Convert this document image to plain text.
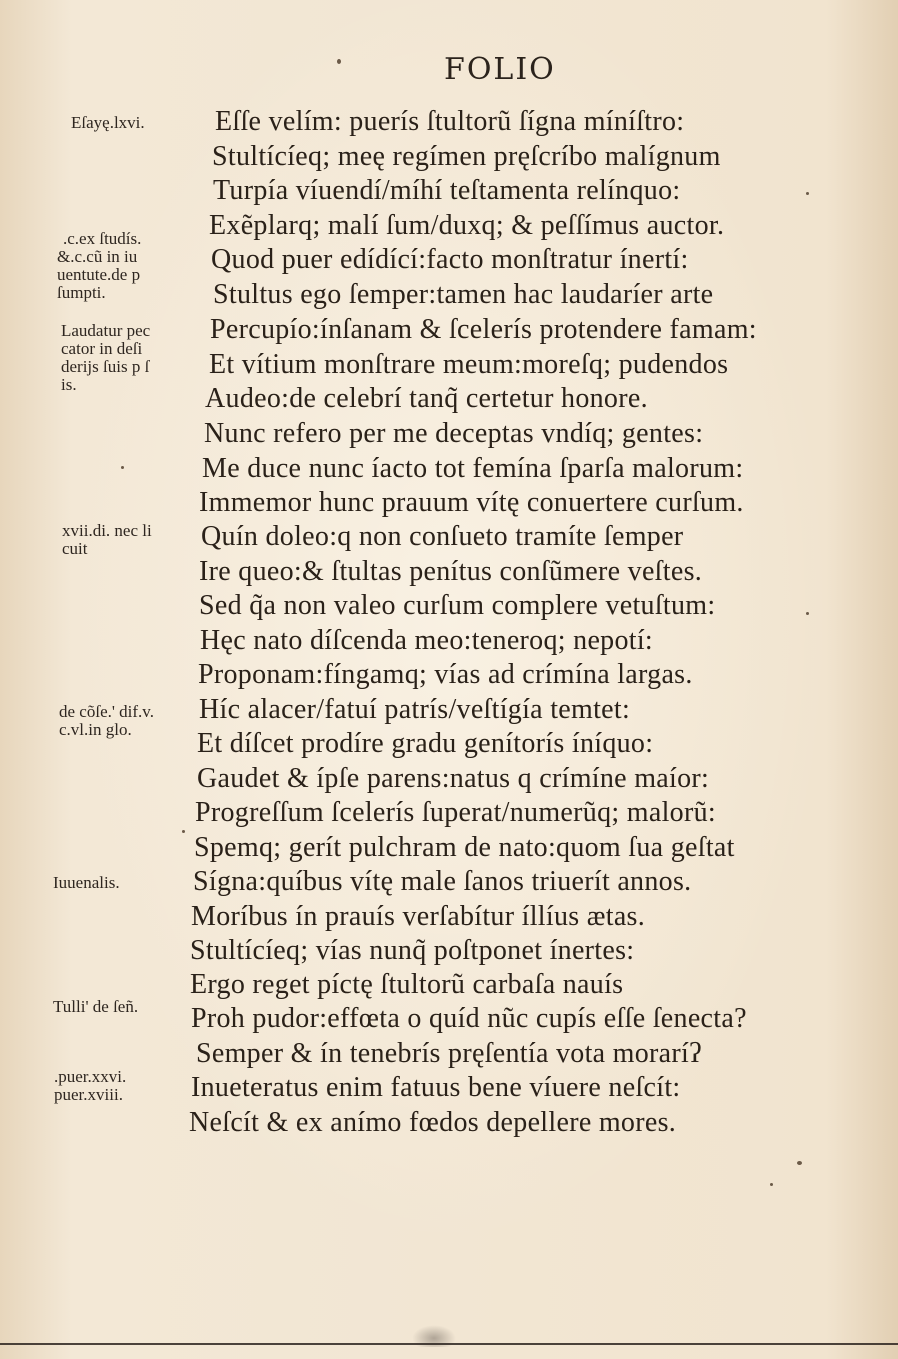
FOLIO
Eſſe velím: puerís ſtultorũ ſígna míníſtro:
Stultícíeq; meę regímen pręſcríbo malígnum
Turpía víuendí/míhí teſtamenta relínquo:
Exẽplarq; malí ſum/duxq; & peſſímus auctor.
Quod puer edídící:facto monſtratur ínertí:
Stultus ego ſemper:tamen hac laudaríer arte
Percupío:ínſanam & ſcelerís protendere famam:
Et vítium monſtrare meum:moreſq; pudendos
Audeo:de celebrí tanq̃ certetur honore.
Nunc refero per me deceptas vndíq; gentes:
Me duce nunc íacto tot femína ſparſa malorum:
Immemor hunc prauum vítę conuertere curſum.
Quín doleo:q non conſueto tramíte ſemper
Ire queo:& ſtultas penítus conſũmere veſtes.
Sed q̃a non valeo curſum complere vetuſtum:
Hęc nato díſcenda meo:teneroq; nepotí:
Proponam:fíngamq; vías ad crímína largas.
Híc alacer/fatuí patrís/veſtígía temtet:
Et díſcet prodíre gradu genítorís íníquo:
Gaudet & ípſe parens:natus q crímíne maíor:
Progreſſum ſcelerís ſuperat/numerũq; malorũ:
Spemq; gerít pulchram de nato:quom ſua geſtat
Sígna:quíbus vítę male ſanos triuerít annos.
Moríbus ín prauís verſabítur íllíus ætas.
Stultícíeq; vías nunq̃ poſtponet ínertes:
Ergo reget píctę ſtultorũ carbaſa nauís
Proh pudor:effœta o quíd nũc cupís eſſe ſenecta?
Semper & ín tenebrís pręſentía vota moraríʔ
Inueteratus enim fatuus bene víuere neſcít:
Neſcít & ex anímo fœdos depellere mores.
Eſayę.lxvi.
.c.ex ſtudís.
&.c.cũ in iu
uentute.de p
ſumpti.
Laudatur pec
cator in deſi
derijs ſuis p ſ
is.
xvii.di. nec li
cuit
de cõſe.' dif.v.
c.vl.in glo.
Iuuenalis.
Tulli' de ſeñ.
.puer.xxvi.
puer.xviii.
